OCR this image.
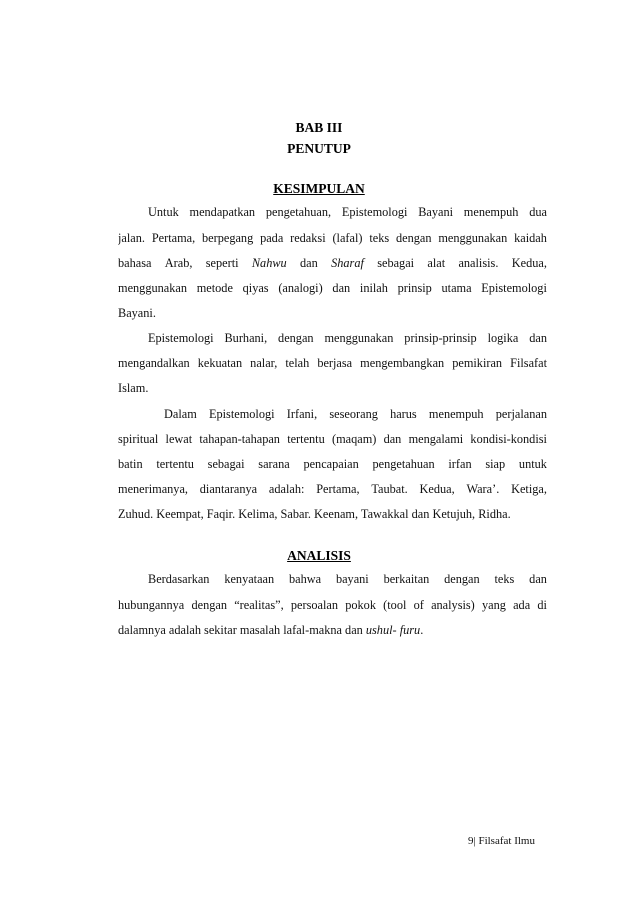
BAB III
PENUTUP
KESIMPULAN
Untuk mendapatkan pengetahuan, Epistemologi Bayani menempuh dua
jalan. Pertama, berpegang pada redaksi (lafal) teks dengan menggunakan kaidah
bahasa Arab, seperti Nahwu dan Sharaf sebagai alat analisis. Kedua,
menggunakan metode qiyas (analogi) dan inilah prinsip utama Epistemologi
Bayani.
Epistemologi Burhani, dengan menggunakan prinsip-prinsip logika dan
mengandalkan kekuatan nalar, telah berjasa mengembangkan pemikiran Filsafat
Islam.
Dalam Epistemologi Irfani, seseorang harus menempuh perjalanan
spiritual lewat tahapan-tahapan tertentu (maqam) dan mengalami kondisi-kondisi
batin tertentu sebagai sarana pencapaian pengetahuan irfan siap untuk
menerimanya, diantaranya adalah: Pertama, Taubat. Kedua, Wara’. Ketiga,
Zuhud. Keempat, Faqir. Kelima, Sabar. Keenam, Tawakkal dan Ketujuh, Ridha.
ANALISIS
Berdasarkan kenyataan bahwa bayani berkaitan dengan teks dan
hubungannya dengan “realitas”, persoalan pokok (tool of analysis) yang ada di
dalamnya adalah sekitar masalah lafal-makna dan ushul- furu.
9| Filsafat Ilmu
